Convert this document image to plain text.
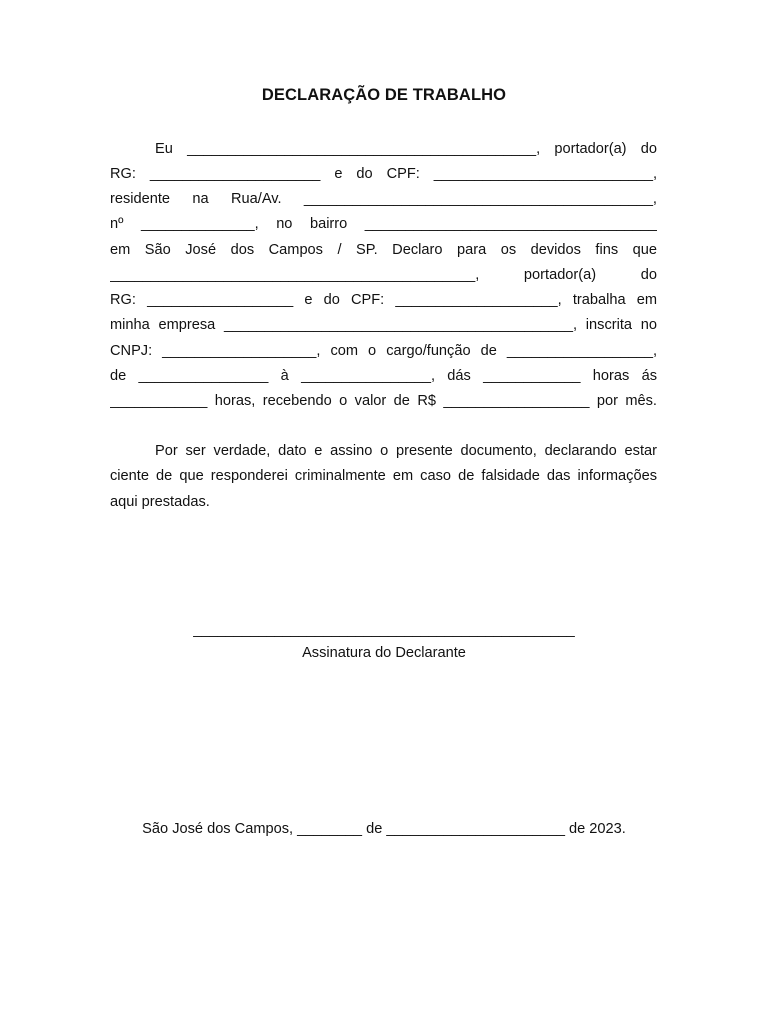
DECLARAÇÃO DE TRABALHO
Eu ___________________________________________, portador(a) do
RG: _____________________ e do CPF: ___________________________,
residente na Rua/Av. ___________________________________________,
nº ______________, no bairro ____________________________________
em São José dos Campos / SP. Declaro para os devidos fins que
_____________________________________________, portador(a) do
RG: __________________ e do CPF: ____________________, trabalha em
minha empresa ___________________________________________, inscrita no
CNPJ: ___________________, com o cargo/função de __________________,
de ________________ à ________________, dás ____________ horas ás
____________ horas, recebendo o valor de R$ __________________ por mês.
Por ser verdade, dato e assino o presente documento, declarando estar
ciente de que responderei criminalmente em caso de falsidade das informações
aqui prestadas.
_______________________________________________
Assinatura do Declarante
São José dos Campos, ________ de ______________________ de 2023.
